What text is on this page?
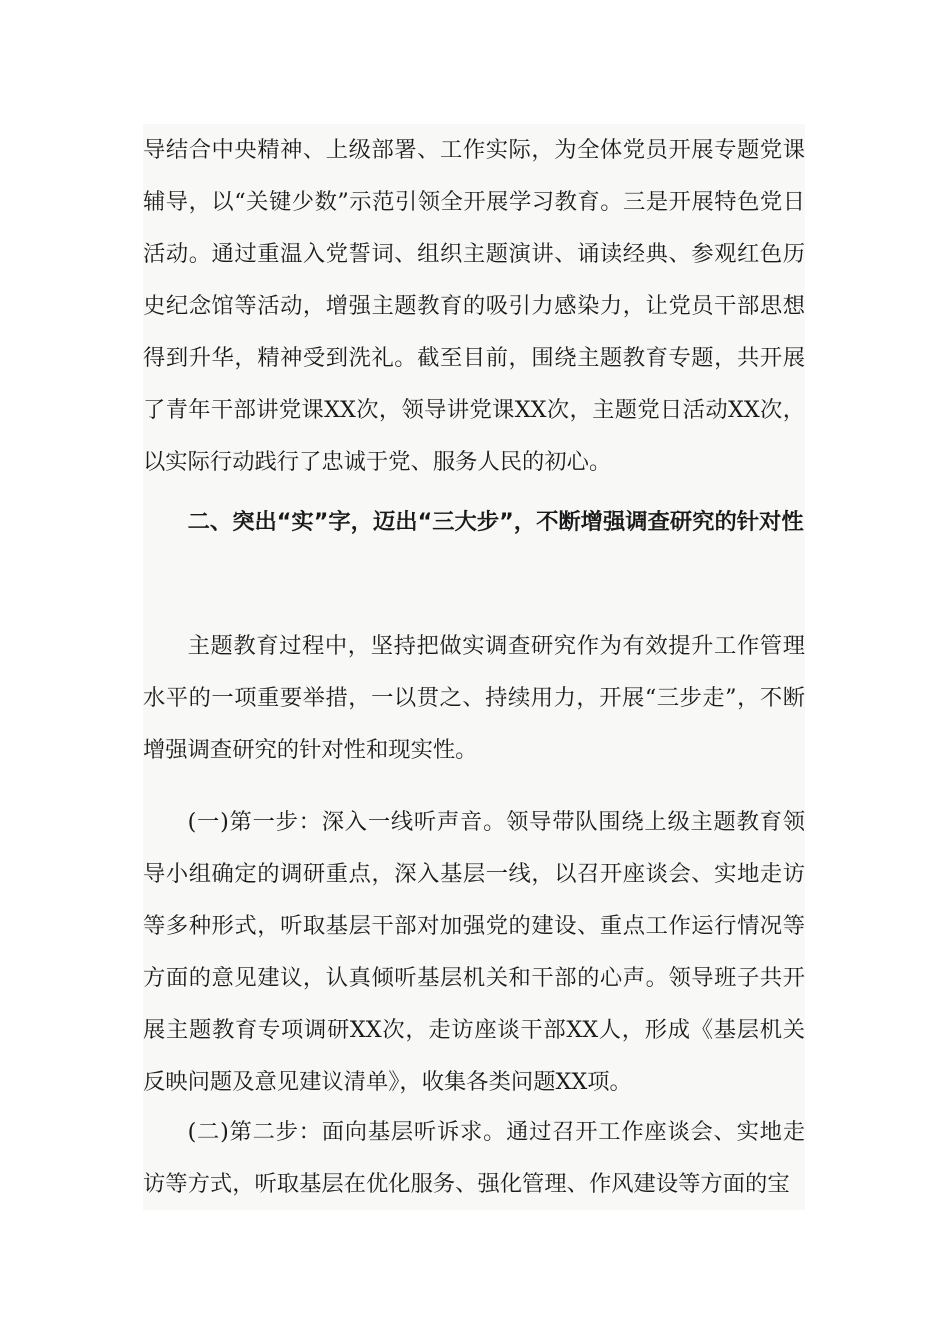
导结合中央精神、上级部署、工作实际，为全体党员开展专题党课辅导，以“关键少数”示范引领全开展学习教育。三是开展特色党日活动。通过重温入党誓词、组织主题演讲、诵读经典、参观红色历史纪念馆等活动，增强主题教育的吸引力感染力，让党员干部思想得到升华，精神受到洗礼。截至目前，围绕主题教育专题，共开展了青年干部讲党课XX次，领导讲党课XX次，主题党日活动XX次，以实际行动践行了忠诚于党、服务人民的初心。

二、突出“实”字，迈出“三大步”，不断增强调查研究的针对性

主题教育过程中，坚持把做实调查研究作为有效提升工作管理水平的一项重要举措，一以贯之、持续用力，开展“三步走”，不断增强调查研究的针对性和现实性。

(一)第一步：深入一线听声音。领导带队围绕上级主题教育领导小组确定的调研重点，深入基层一线，以召开座谈会、实地走访等多种形式，听取基层干部对加强党的建设、重点工作运行情况等方面的意见建议，认真倾听基层机关和干部的心声。领导班子共开展主题教育专项调研XX次，走访座谈干部XX人，形成《基层机关反映问题及意见建议清单》，收集各类问题XX项。

(二)第二步：面向基层听诉求。通过召开工作座谈会、实地走访等方式，听取基层在优化服务、强化管理、作风建设等方面的宝
